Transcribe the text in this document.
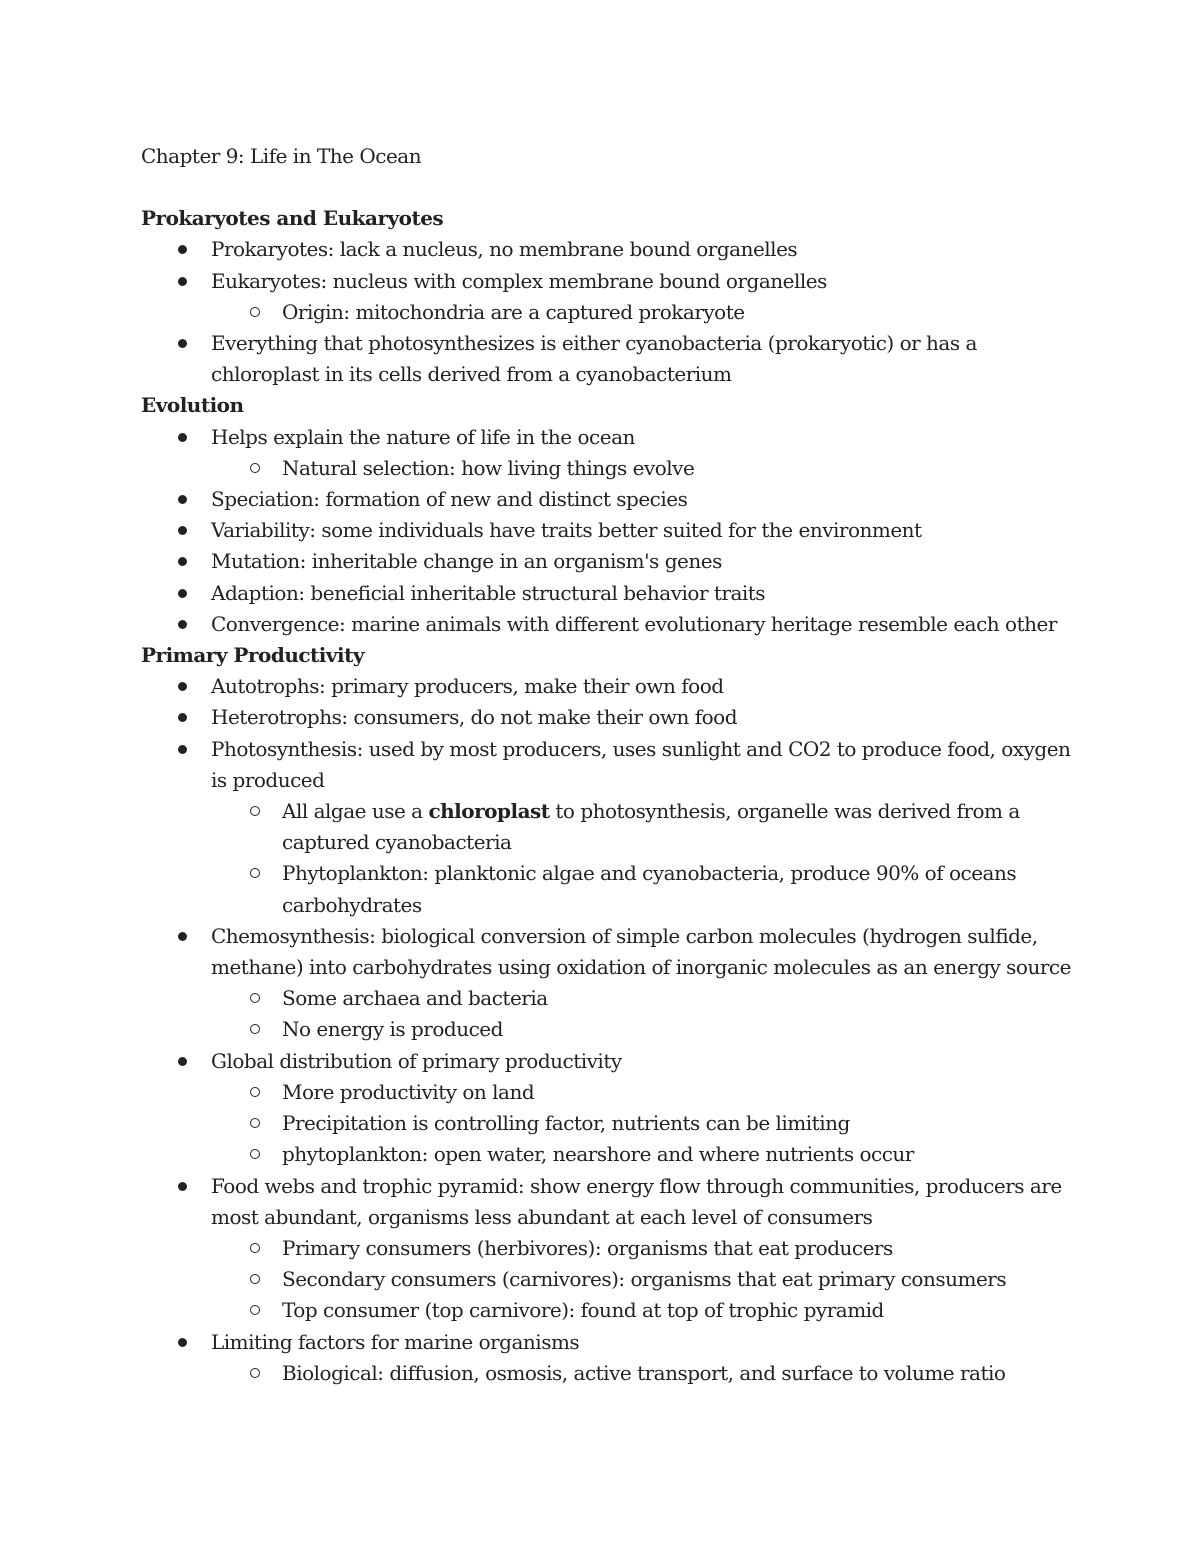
Chapter 9: Life in The Ocean
Prokaryotes and Eukaryotes
Prokaryotes: lack a nucleus, no membrane bound organelles
Eukaryotes: nucleus with complex membrane bound organelles
Origin: mitochondria are a captured prokaryote
Everything that photosynthesizes is either cyanobacteria (prokaryotic) or has a chloroplast in its cells derived from a cyanobacterium
Evolution
Helps explain the nature of life in the ocean
Natural selection: how living things evolve
Speciation: formation of new and distinct species
Variability: some individuals have traits better suited for the environment
Mutation: inheritable change in an organism's genes
Adaption: beneficial inheritable structural behavior traits
Convergence: marine animals with different evolutionary heritage resemble each other
Primary Productivity
Autotrophs: primary producers, make their own food
Heterotrophs: consumers, do not make their own food
Photosynthesis: used by most producers, uses sunlight and CO2 to produce food, oxygen is produced
All algae use a chloroplast to photosynthesis, organelle was derived from a captured cyanobacteria
Phytoplankton: planktonic algae and cyanobacteria, produce 90% of oceans carbohydrates
Chemosynthesis: biological conversion of simple carbon molecules (hydrogen sulfide, methane) into carbohydrates using oxidation of inorganic molecules as an energy source
Some archaea and bacteria
No energy is produced
Global distribution of primary productivity
More productivity on land
Precipitation is controlling factor, nutrients can be limiting
phytoplankton: open water, nearshore and where nutrients occur
Food webs and trophic pyramid: show energy flow through communities, producers are most abundant, organisms less abundant at each level of consumers
Primary consumers (herbivores): organisms that eat producers
Secondary consumers (carnivores): organisms that eat primary consumers
Top consumer (top carnivore): found at top of trophic pyramid
Limiting factors for marine organisms
Biological: diffusion, osmosis, active transport, and surface to volume ratio
